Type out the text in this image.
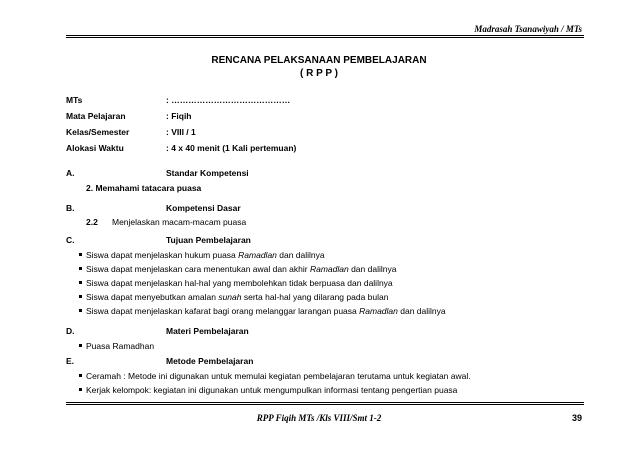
Madrasah Tsanawiyah / MTs
RENCANA PELAKSANAAN PEMBELAJARAN
( R P P )
MTs	: ……………………………………
Mata Pelajaran	: Fiqih
Kelas/Semester	: VIII / 1
Alokasi Waktu	: 4 x 40 menit (1 Kali pertemuan)
A.	Standar Kompetensi
2. Memahami tatacara puasa
B.	Kompetensi Dasar
2.2 Menjelaskan macam-macam puasa
C.	Tujuan Pembelajaran
Siswa dapat menjelaskan hukum puasa Ramadlan dan dalilnya
Siswa dapat menjelaskan cara menentukan awal dan akhir Ramadlan dan dalilnya
Siswa dapat menjelaskan hal-hal yang membolehkan tidak berpuasa dan dalilnya
Siswa dapat menyebutkan amalan sunah serta hal-hal yang dilarang pada bulan
Siswa dapat menjelaskan kafarat bagi orang melanggar larangan puasa Ramadlan dan dalilnya
D.	Materi Pembelajaran
Puasa Ramadhan
E.	Metode Pembelajaran
Ceramah : Metode ini digunakan untuk memulai kegiatan pembelajaran terutama untuk kegiatan awal.
Kerjak kelompok: kegiatan ini digunakan untuk mengumpulkan informasi tentang pengertian puasa
RPP Fiqih MTs /Kls VIII/Smt 1-2	39
